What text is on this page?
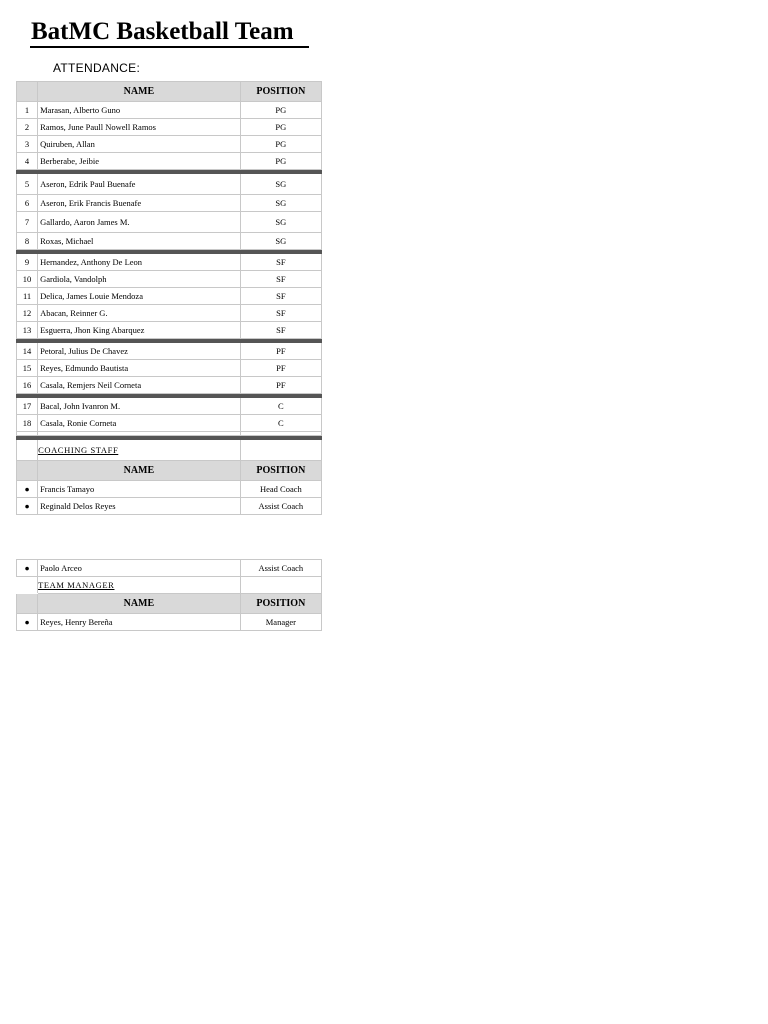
BatMC Basketball Team
ATTENDANCE:
	NAME	POSITION
1	Marasan, Alberto Guno	PG
2	Ramos, June Paull Nowell Ramos	PG
3	Quiruben, Allan	PG
4	Berberabe, Jeibie	PG

5	Aseron, Edrik Paul Buenafe	SG
6	Aseron, Erik Francis Buenafe	SG
7	Gallardo, Aaron James M.	SG
8	Roxas, Michael	SG

9	Hernandez, Anthony De Leon	SF
10	Gardiola, Vandolph	SF
11	Delica, James Louie Mendoza	SF
12	Abacan, Reinner G.	SF
13	Esguerra, Jhon King Abarquez	SF

14	Petoral, Julius De Chavez	PF
15	Reyes, Edmundo Bautista	PF
16	Casala, Remjers Neil Corneta	PF

17	Bacal, John Ivanron M.	C
18	Casala, Ronie Corneta	C

	COACHING STAFF	
	NAME	POSITION
●	Francis Tamayo	Head Coach
●	Reginald Delos Reyes	Assist Coach
●	Paolo Arceo	Assist Coach
	TEAM MANAGER	
	NAME	POSITION
●	Reyes, Henry Bereña	Manager
